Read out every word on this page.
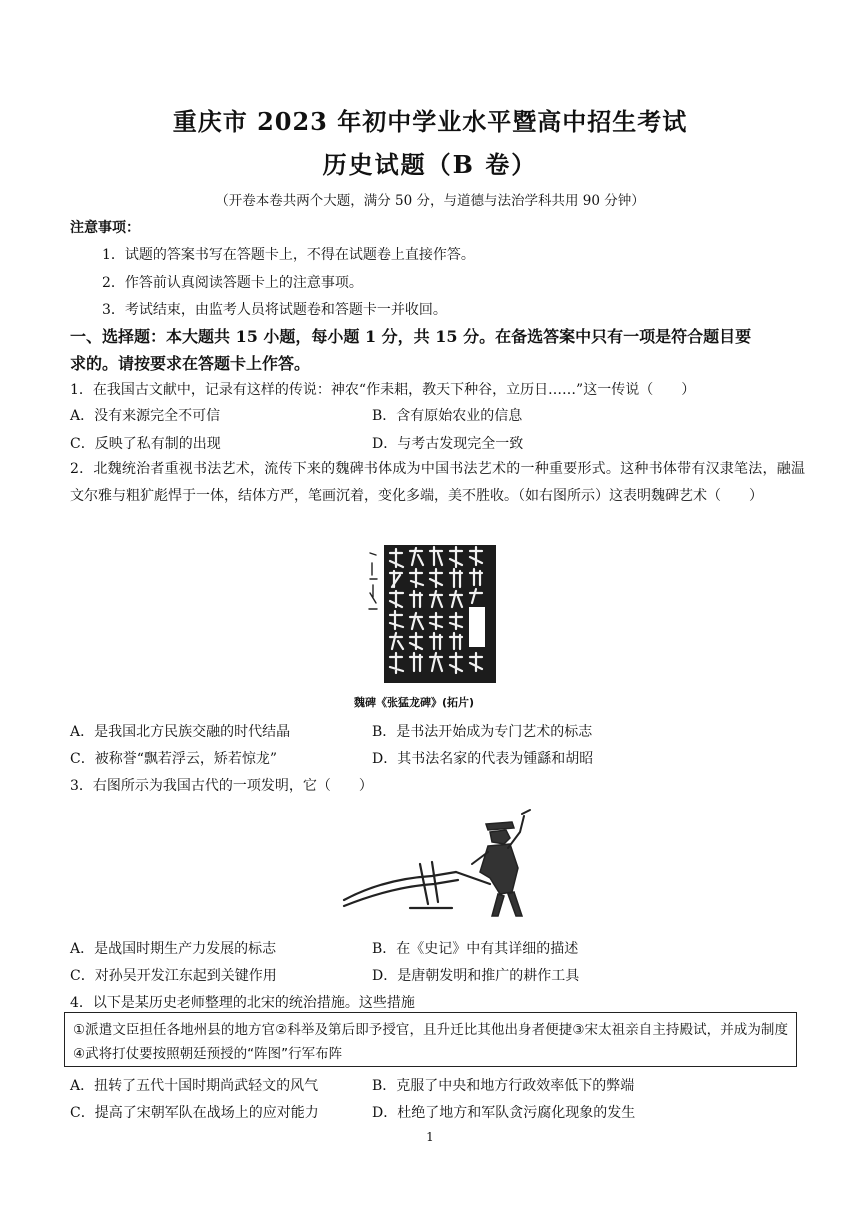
重庆市 2023 年初中学业水平暨高中招生考试
历史试题（B 卷）
（开卷本卷共两个大题，满分 50 分，与道德与法治学科共用 90 分钟）
注意事项：
1．试题的答案书写在答题卡上，不得在试题卷上直接作答。
2．作答前认真阅读答题卡上的注意事项。
3．考试结束，由监考人员将试题卷和答题卡一并收回。
一、选择题：本大题共 15 小题，每小题 1 分，共 15 分。在备选答案中只有一项是符合题目要
求的。请按要求在答题卡上作答。
1．在我国古文献中，记录有这样的传说：神农“作耒耜，教天下种谷，立历日……”这一传说（　　）
A．没有来源完全不可信	B．含有原始农业的信息
C．反映了私有制的出现	D．与考古发现完全一致
2．北魏统治者重视书法艺术，流传下来的魏碑书体成为中国书法艺术的一种重要形式。这种书体带有汉隶笔法，融温文尔雅与粗犷彪悍于一体，结体方严，笔画沉着，变化多端，美不胜收。（如右图所示）这表明魏碑艺术（　　）
魏碑《张猛龙碑》(拓片)
A．是我国北方民族交融的时代结晶	B．是书法开始成为专门艺术的标志
C．被称誉“飘若浮云，矫若惊龙”	D．其书法名家的代表为锺繇和胡昭
3．右图所示为我国古代的一项发明，它（　　）
A．是战国时期生产力发展的标志	B．在《史记》中有其详细的描述
C．对孙吴开发江东起到关键作用	D．是唐朝发明和推广的耕作工具
4．以下是某历史老师整理的北宋的统治措施。这些措施
①派遣文臣担任各地州县的地方官②科举及第后即予授官，且升迁比其他出身者便捷③宋太祖亲自主持殿试，并成为制度④武将打仗要按照朝廷预授的“阵图”行军布阵
A．扭转了五代十国时期尚武轻文的风气	B．克服了中央和地方行政效率低下的弊端
C．提高了宋朝军队在战场上的应对能力	D．杜绝了地方和军队贪污腐化现象的发生
1
